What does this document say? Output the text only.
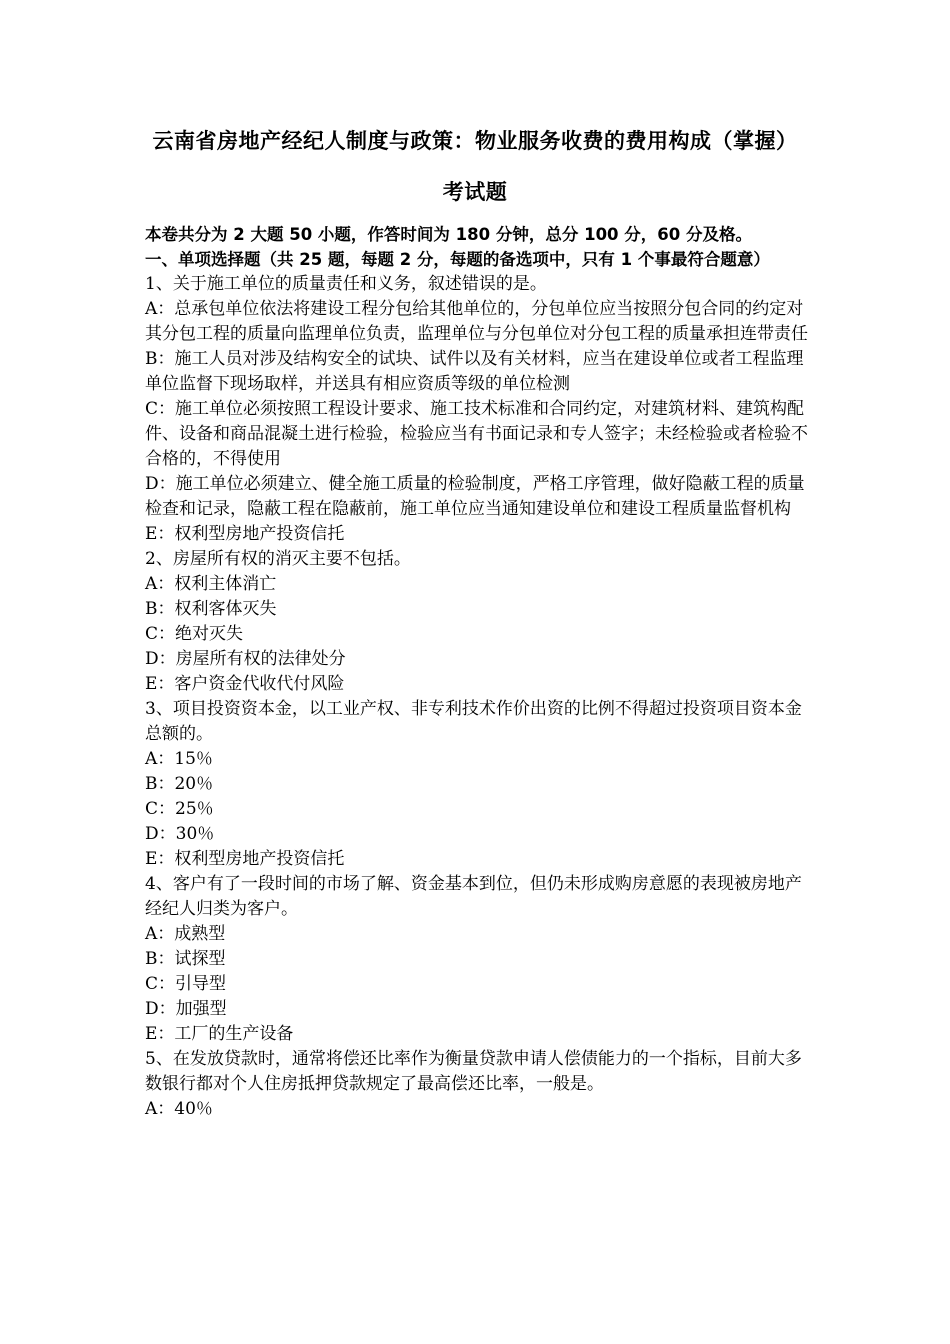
云南省房地产经纪人制度与政策：物业服务收费的费用构成（掌握）
考试题

本卷共分为 2 大题 50 小题，作答时间为 180 分钟，总分 100 分，60 分及格。

一、单项选择题（共 25 题，每题 2 分，每题的备选项中，只有 1 个事最符合题意）

1、关于施工单位的质量责任和义务，叙述错误的是。

A：总承包单位依法将建设工程分包给其他单位的，分包单位应当按照分包合同的约定对其分包工程的质量向监理单位负责，监理单位与分包单位对分包工程的质量承担连带责任

B：施工人员对涉及结构安全的试块、试件以及有关材料，应当在建设单位或者工程监理单位监督下现场取样，并送具有相应资质等级的单位检测

C：施工单位必须按照工程设计要求、施工技术标准和合同约定，对建筑材料、建筑构配件、设备和商品混凝土进行检验，检验应当有书面记录和专人签字；未经检验或者检验不合格的，不得使用

D：施工单位必须建立、健全施工质量的检验制度，严格工序管理，做好隐蔽工程的质量检查和记录，隐蔽工程在隐蔽前，施工单位应当通知建设单位和建设工程质量监督机构

E：权利型房地产投资信托

2、房屋所有权的消灭主要不包括。

A：权利主体消亡

B：权利客体灭失

C：绝对灭失

D：房屋所有权的法律处分

E：客户资金代收代付风险

3、项目投资资本金，以工业产权、非专利技术作价出资的比例不得超过投资项目资本金总额的。

A：15％

B：20％

C：25％

D：30％

E：权利型房地产投资信托

4、客户有了一段时间的市场了解、资金基本到位，但仍未形成购房意愿的表现被房地产经纪人归类为客户。

A：成熟型

B：试探型

C：引导型

D：加强型

E：工厂的生产设备

5、在发放贷款时，通常将偿还比率作为衡量贷款申请人偿债能力的一个指标，目前大多数银行都对个人住房抵押贷款规定了最高偿还比率，一般是。

A：40％
